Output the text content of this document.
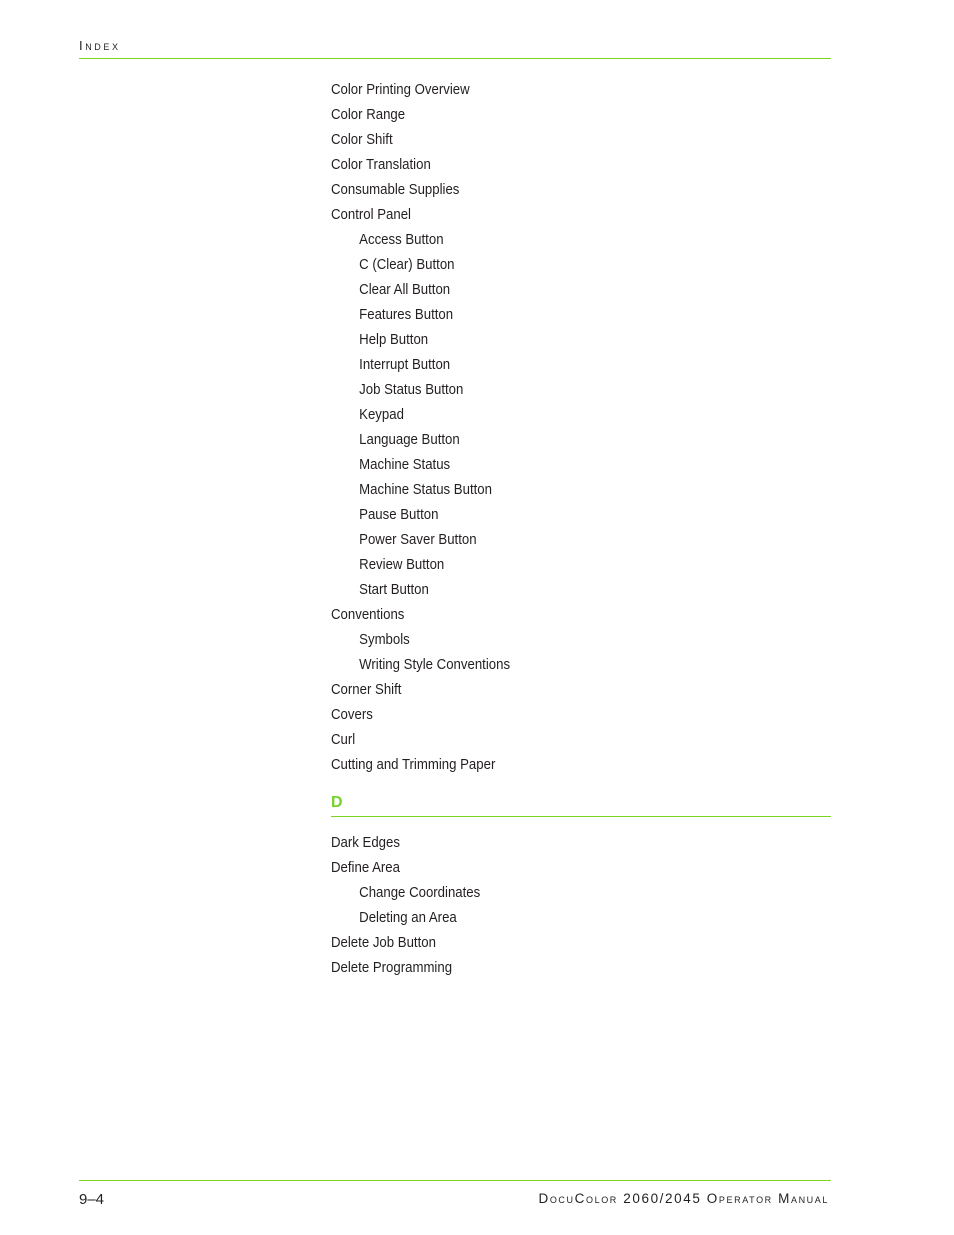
Index
Color Printing Overview
Color Range
Color Shift
Color Translation
Consumable Supplies
Control Panel
Access Button
C (Clear) Button
Clear All Button
Features Button
Help Button
Interrupt Button
Job Status Button
Keypad
Language Button
Machine Status
Machine Status Button
Pause Button
Power Saver Button
Review Button
Start Button
Conventions
Symbols
Writing Style Conventions
Corner Shift
Covers
Curl
Cutting and Trimming Paper
D
Dark Edges
Define Area
Change Coordinates
Deleting an Area
Delete Job Button
Delete Programming
9–4	DocuColor 2060/2045 Operator Manual
